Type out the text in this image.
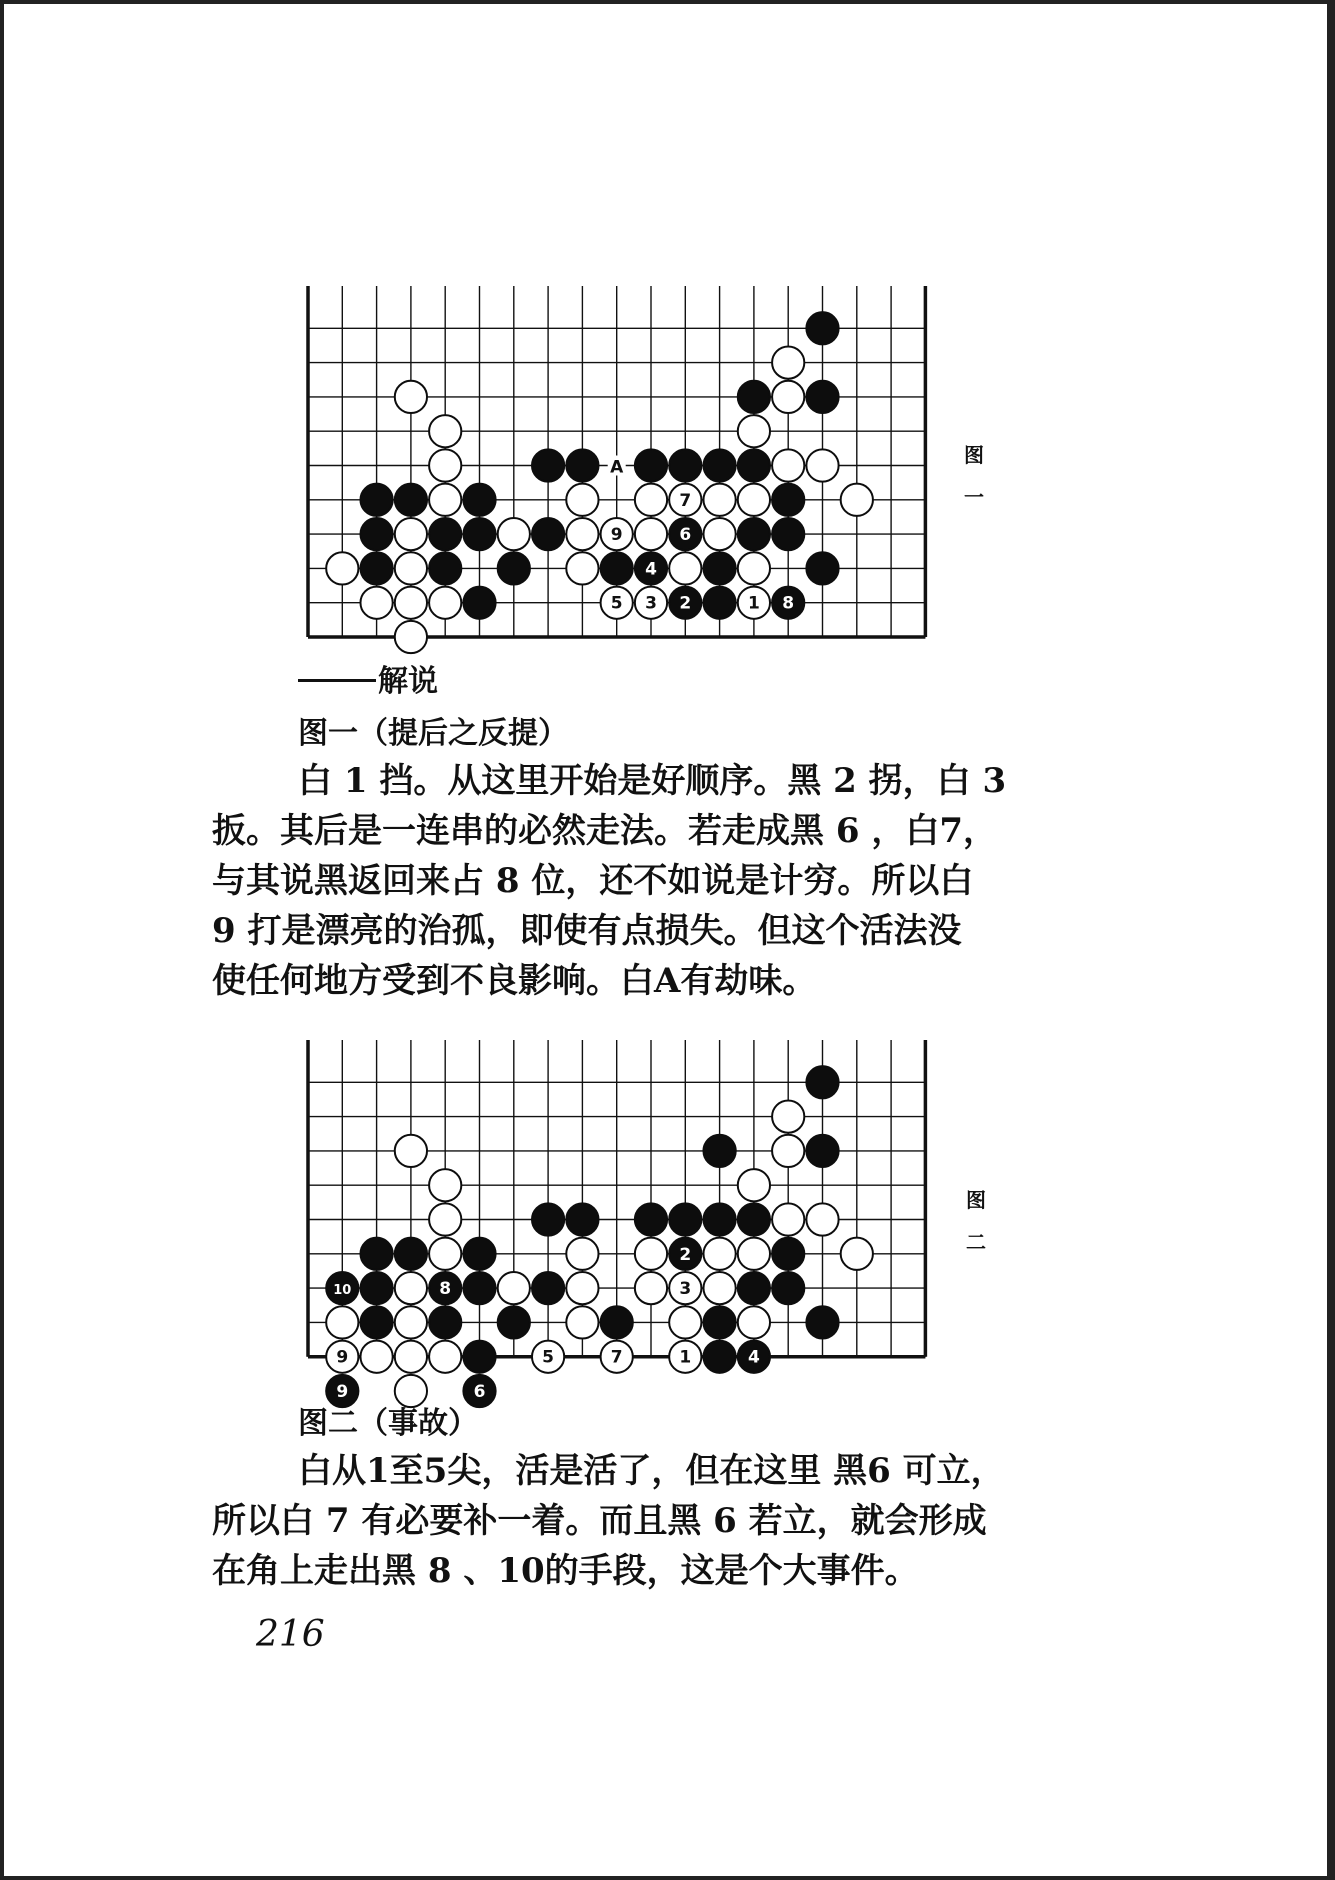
1
2
3
4
5
6
7
8
9
A
图
一
解说
图一（提后之反提）
白 1 挡。从这里开始是好顺序。黑 2 拐，白 3
扳。其后是一连串的必然走法。若走成黑 6 ，白7，
与其说黑返回来占 8 位，还不如说是计穷。所以白
9 打是漂亮的治孤，即使有点损失。但这个活法没
使任何地方受到不良影响。白A有劫味。
1
2
3
4
5
6
7
8
9
10
9
图
二
图二（事故）
白从1至5尖，活是活了，但在这里 黑6 可立，
所以白 7 有必要补一着。而且黑 6 若立，就会形成
在角上走出黑 8 、10的手段，这是个大事件。
216
